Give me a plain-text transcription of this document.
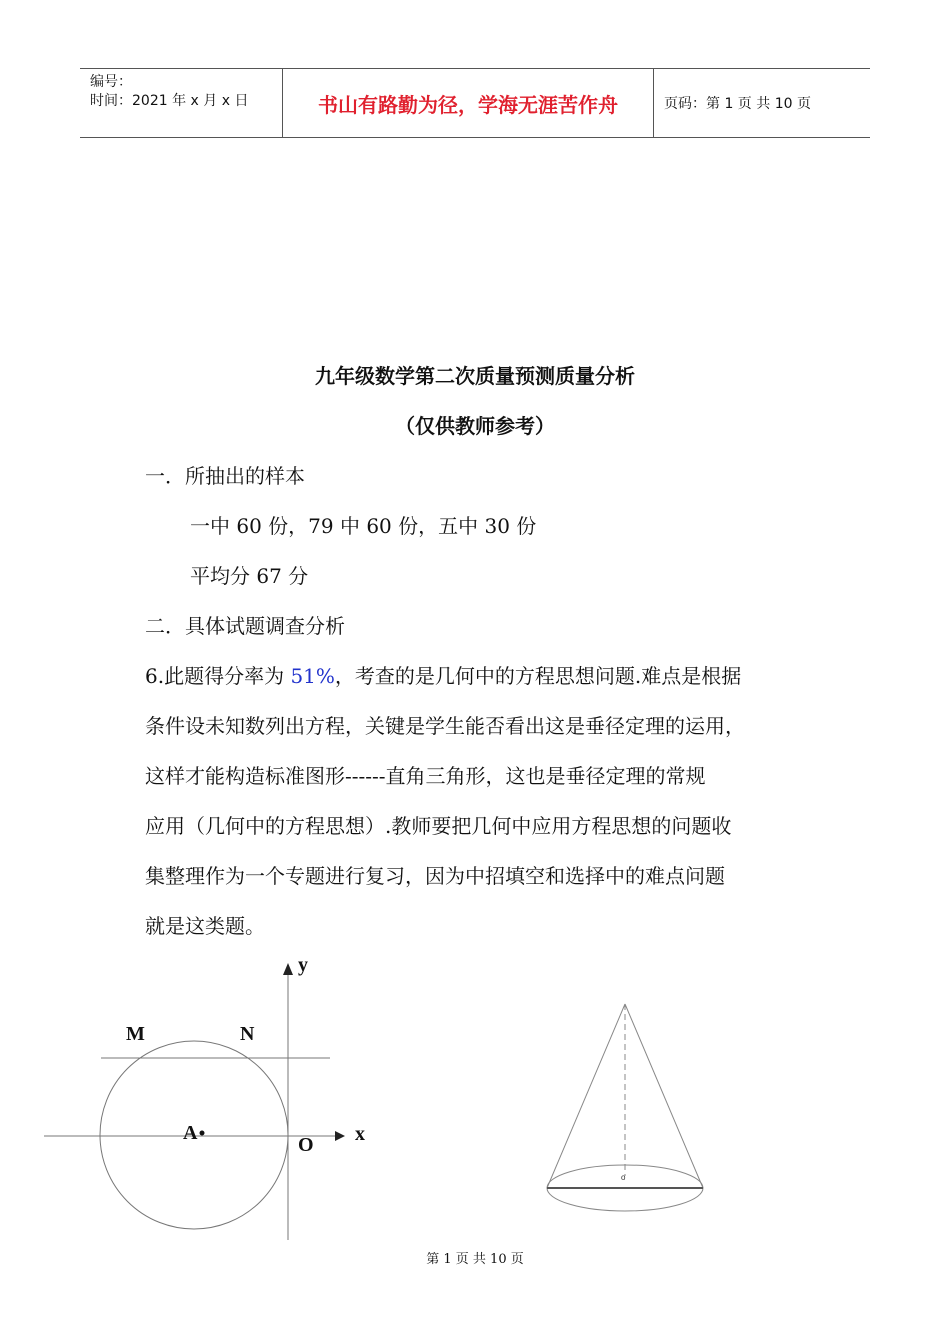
编号：
时间：2021 年 x 月 x 日	书山有路勤为径，学海无涯苦作舟	页码：第 1 页 共 10 页
九年级数学第二次质量预测质量分析
（仅供教师参考）
一．所抽出的样本
一中 60 份，79 中 60 份，五中 30 份
平均分 67 分
二．具体试题调查分析
6.此题得分率为 51%，考查的是几何中的方程思想问题.难点是根据
条件设未知数列出方程，关键是学生能否看出这是垂径定理的运用，
这样才能构造标准图形------直角三角形，这也是垂径定理的常规
应用（几何中的方程思想）.教师要把几何中应用方程思想的问题收
集整理作为一个专题进行复习，因为中招填空和选择中的难点问题
就是这类题。
y
x
M	N
A
O
o
第 1 页 共 10 页
